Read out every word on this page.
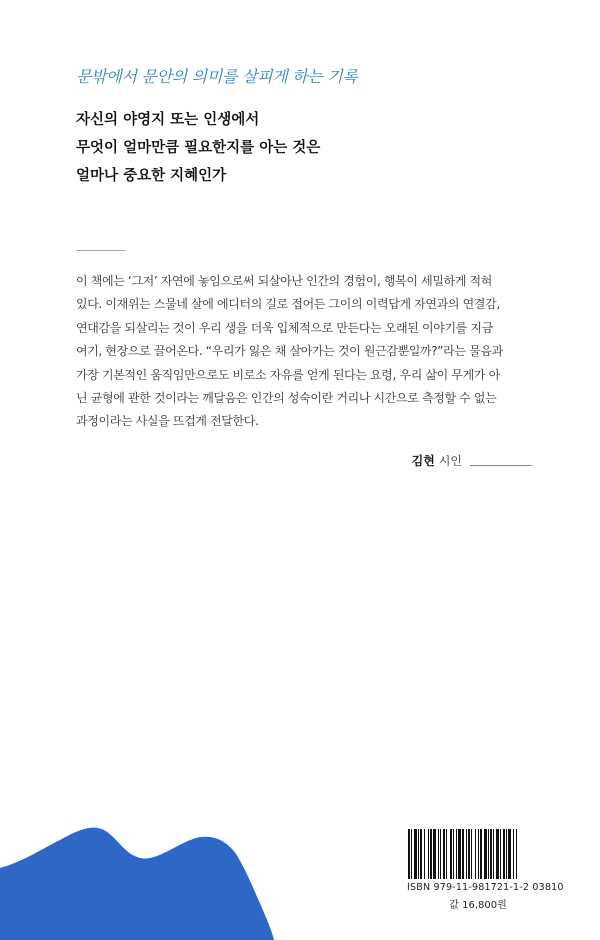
문밖에서 문안의 의미를 살피게 하는 기록
자신의 야영지 또는 인생에서
무엇이 얼마만큼 필요한지를 아는 것은
얼마나 중요한 지혜인가
이 책에는 ‘그저’ 자연에 놓임으로써 되살아난 인간의 경험이, 행복이 세밀하게 적혀
있다. 이재위는 스물네 살에 에디터의 길로 접어든 그이의 이력답게 자연과의 연결감,
연대감을 되살리는 것이 우리 생을 더욱 입체적으로 만든다는 오래된 이야기를 지금
여기, 현장으로 끌어온다. “우리가 잃은 채 살아가는 것이 원근감뿐일까?”라는 물음과
가장 기본적인 움직임만으로도 비로소 자유를 얻게 된다는 요령, 우리 삶이 무게가 아
닌 균형에 관한 것이라는 깨달음은 인간의 성숙이란 거리나 시간으로 측정할 수 없는
과정이라는 사실을 뜨겁게 전달한다.
김현 시인
ISBN 979-11-981721-1-2 03810
값 16,800원
